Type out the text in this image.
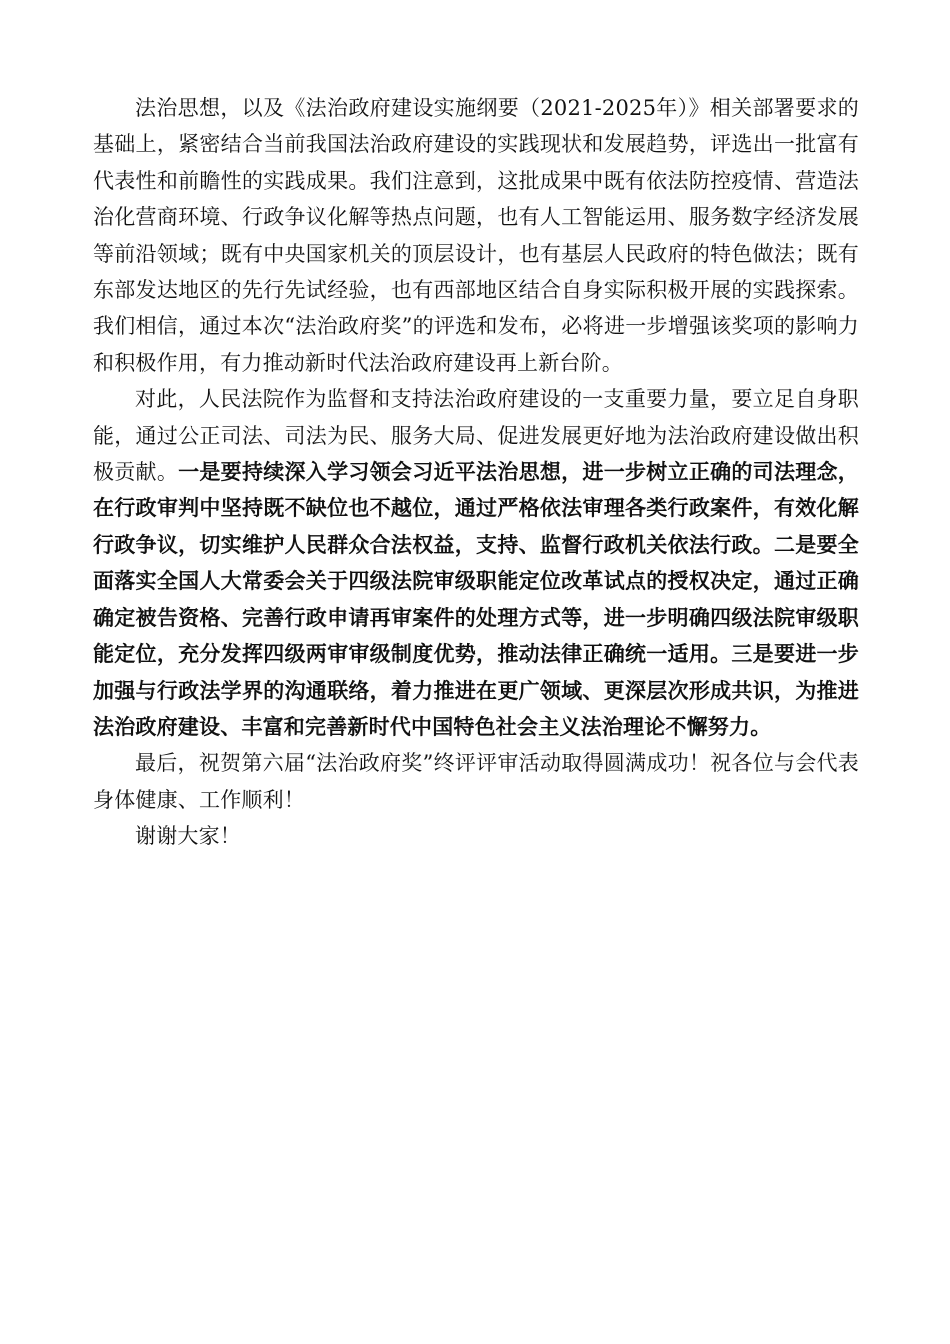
法治思想，以及《法治政府建设实施纲要（2021-2025年）》相关部署要求的基础上，紧密结合当前我国法治政府建设的实践现状和发展趋势，评选出一批富有代表性和前瞻性的实践成果。我们注意到，这批成果中既有依法防控疫情、营造法治化营商环境、行政争议化解等热点问题，也有人工智能运用、服务数字经济发展等前沿领域；既有中央国家机关的顶层设计，也有基层人民政府的特色做法；既有东部发达地区的先行先试经验，也有西部地区结合自身实际积极开展的实践探索。我们相信，通过本次“法治政府奖”的评选和发布，必将进一步增强该奖项的影响力和积极作用，有力推动新时代法治政府建设再上新台阶。

对此，人民法院作为监督和支持法治政府建设的一支重要力量，要立足自身职能，通过公正司法、司法为民、服务大局、促进发展更好地为法治政府建设做出积极贡献。一是要持续深入学习领会习近平法治思想，进一步树立正确的司法理念，在行政审判中坚持既不缺位也不越位，通过严格依法审理各类行政案件，有效化解行政争议，切实维护人民群众合法权益，支持、监督行政机关依法行政。二是要全面落实全国人大常委会关于四级法院审级职能定位改革试点的授权决定，通过正确确定被告资格、完善行政申请再审案件的处理方式等，进一步明确四级法院审级职能定位，充分发挥四级两审审级制度优势，推动法律正确统一适用。三是要进一步加强与行政法学界的沟通联络，着力推进在更广领域、更深层次形成共识，为推进法治政府建设、丰富和完善新时代中国特色社会主义法治理论不懈努力。

最后，祝贺第六届“法治政府奖”终评评审活动取得圆满成功！祝各位与会代表身体健康、工作顺利！

谢谢大家！
